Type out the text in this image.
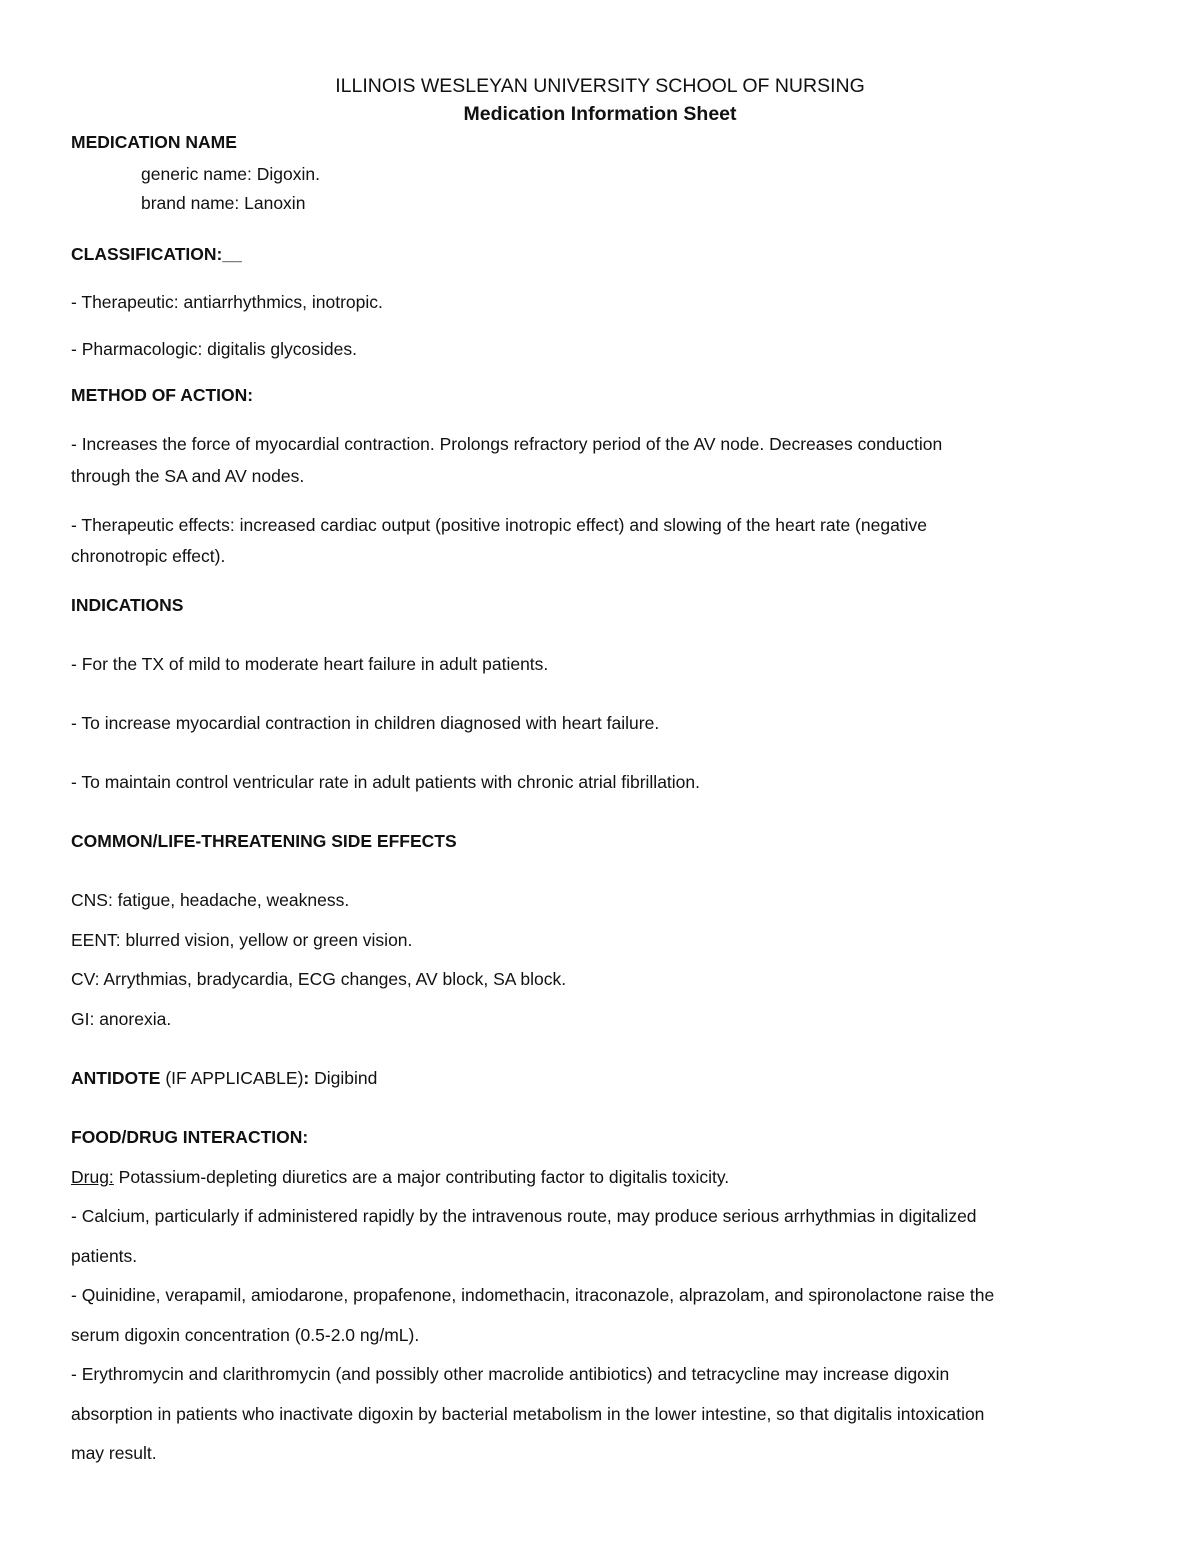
ILLINOIS WESLEYAN UNIVERSITY SCHOOL OF NURSING
Medication Information Sheet
MEDICATION NAME
generic name: Digoxin.
brand name: Lanoxin
CLASSIFICATION:__
- Therapeutic: antiarrhythmics, inotropic.
- Pharmacologic: digitalis glycosides.
METHOD OF ACTION:
- Increases the force of myocardial contraction. Prolongs refractory period of the AV node. Decreases conduction
through the SA and AV nodes.
- Therapeutic effects: increased cardiac output (positive inotropic effect) and slowing of the heart rate (negative
chronotropic effect).
INDICATIONS
- For the TX of mild to moderate heart failure in adult patients.
- To increase myocardial contraction in children diagnosed with heart failure.
- To maintain control ventricular rate in adult patients with chronic atrial fibrillation.
COMMON/LIFE-THREATENING SIDE EFFECTS
CNS: fatigue, headache, weakness.
EENT: blurred vision, yellow or green vision.
CV: Arrythmias, bradycardia, ECG changes, AV block, SA block.
GI: anorexia.
ANTIDOTE (IF APPLICABLE): Digibind
FOOD/DRUG INTERACTION:
Drug: Potassium-depleting diuretics are a major contributing factor to digitalis toxicity.
- Calcium, particularly if administered rapidly by the intravenous route, may produce serious arrhythmias in digitalized
patients.
- Quinidine, verapamil, amiodarone, propafenone, indomethacin, itraconazole, alprazolam, and spironolactone raise the
serum digoxin concentration (0.5-2.0 ng/mL).
- Erythromycin and clarithromycin (and possibly other macrolide antibiotics) and tetracycline may increase digoxin
absorption in patients who inactivate digoxin by bacterial metabolism in the lower intestine, so that digitalis intoxication
may result.
